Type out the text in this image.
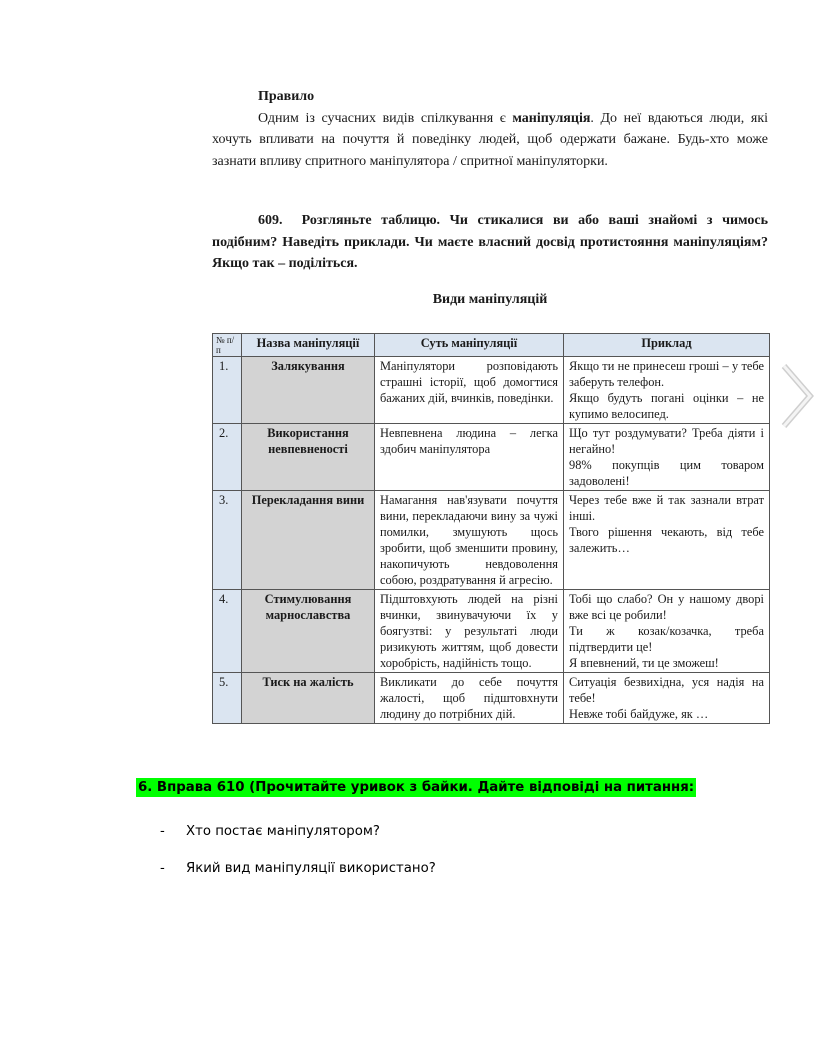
Правило

Одним із сучасних видів спілкування є маніпуляція. До неї вдаються люди, які хочуть впливати на почуття й поведінку людей, щоб одержати бажане. Будь-хто може зазнати впливу спритного маніпулятора / спритної маніпуляторки.

609. Розгляньте таблицю. Чи стикалися ви або ваші знайомі з чимось подібним? Наведіть приклади. Чи маєте власний досвід протистояння маніпуляціям? Якщо так – поділіться.

Види маніпуляцій
№ п/п	Назва маніпуляції	Суть маніпуляції	Приклад
1.	Залякування	Маніпулятори розповідають страшні історії, щоб домогтися бажаних дій, вчинків, поведінки.	Якщо ти не принесеш гроші – у тебе заберуть телефон.
Якщо будуть погані оцінки – не купимо велосипед.

2.	Використання невпевненості	Невпевнена людина – легка здобич маніпулятора	Що тут роздумувати? Треба діяти і негайно!
98% покупців цим товаром задоволені!

3.	Перекладання вини	Намагання нав'язувати почуття вини, перекладаючи вину за чужі помилки, змушують щось зробити, щоб зменшити провину, накопичують невдоволення собою, роздратування й агресію.	Через тебе вже й так зазнали втрат інші.
Твого рішення чекають, від тебе залежить…

4.	Стимулювання марнославства	Підштовхують людей на різні вчинки, звинувачуючи їх у боягузтві: у результаті люди ризикують життям, щоб довести хоробрість, надійність тощо.	Тобі що слабо? Он у нашому дворі вже всі це робили!
Ти ж козак/козачка, треба підтвердити це!
Я впевнений, ти це зможеш!

5.	Тиск на жалість	Викликати до себе почуття жалості, щоб підштовхнути людину до потрібних дій.	Ситуація безвихідна, уся надія на тебе!
Невже тобі байдуже, як …
6. Вправа 610 (Прочитайте уривок з байки. Дайте відповіді на питання:
-	Хто постає маніпулятором?
-	Який вид маніпуляції використано?
